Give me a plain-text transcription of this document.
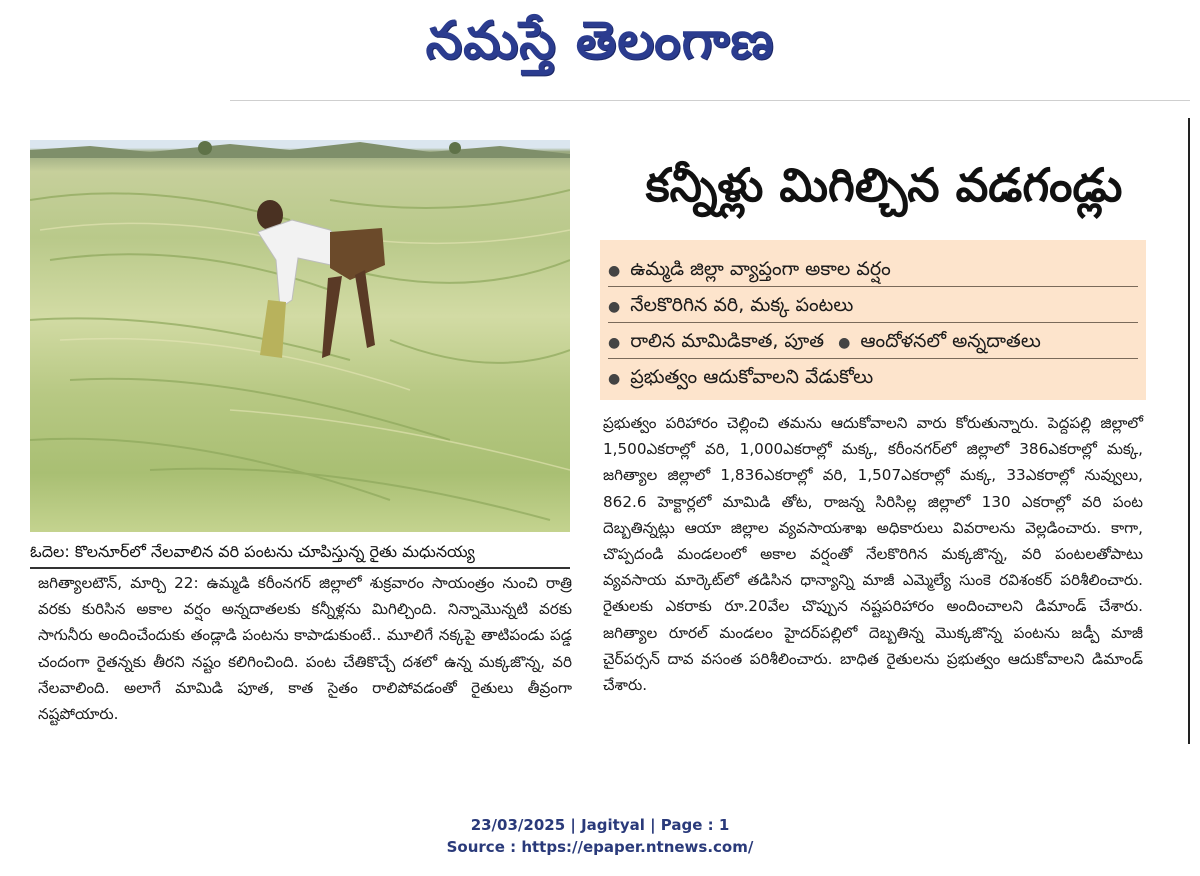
నమస్తే తెలంగాణ
ఓదెల: కొలనూర్‌లో నేలవాలిన వరి పంటను చూపిస్తున్న రైతు మధునయ్య
కన్నీళ్లు మిగిల్చిన వడగండ్లు
● ఉమ్మడి జిల్లా వ్యాప్తంగా అకాల వర్షం
● నేలకొరిగిన వరి, మక్క పంటలు
● రాలిన మామిడికాత, పూత ● ఆందోళనలో అన్నదాతలు
● ప్రభుత్వం ఆదుకోవాలని వేడుకోలు

జగిత్యాలటౌన్‌, మార్చి 22: ఉమ్మడి కరీంనగర్‌ జిల్లాలో శుక్రవారం సాయంత్రం నుంచి రాత్రి వరకు కురిసిన అకాల వర్షం అన్నదాతలకు కన్నీళ్లను మిగిల్చింది. నిన్నామొన్నటి వరకు సాగునీరు అందించేందుకు తండ్లాడి పంటను కాపాడుకుంటే.. మూలిగే నక్కపై తాటిపండు పడ్డ చందంగా రైతన్నకు తీరని నష్టం కలిగించింది. పంట చేతికొచ్చే దశలో ఉన్న మక్కజొన్న, వరి నేలవాలింది. అలాగే మామిడి పూత, కాత సైతం రాలిపోవడంతో రైతులు తీవ్రంగా నష్టపోయారు.

ప్రభుత్వం పరిహారం చెల్లించి తమను ఆదుకోవాలని వారు కోరుతున్నారు. పెద్దపల్లి జిల్లాలో 1,500ఎకరాల్లో వరి, 1,000ఎకరాల్లో మక్క, కరీంనగర్‌లో జిల్లాలో 386ఎకరాల్లో మక్క, జగిత్యాల జిల్లాలో 1,836ఎకరాల్లో వరి, 1,507ఎకరాల్లో మక్క, 33ఎకరాల్లో నువ్వులు, 862.6 హెక్టార్లలో మామిడి తోట, రాజన్న సిరిసిల్ల జిల్లాలో 130 ఎకరాల్లో వరి పంట దెబ్బతిన్నట్లు ఆయా జిల్లాల వ్యవసాయశాఖ అధికారులు వివరాలను వెల్లడించారు. కాగా, చొప్పదండి మండలంలో అకాల వర్షంతో నేలకొరిగిన మక్కజొన్న, వరి పంటలతోపాటు వ్యవసాయ మార్కెట్‌లో తడిసిన ధాన్యాన్ని మాజీ ఎమ్మెల్యే సుంకె రవిశంకర్‌ పరిశీలించారు. రైతులకు ఎకరాకు రూ.20వేల చొప్పున నష్టపరిహారం అందించాలని డిమాండ్‌ చేశారు. జగిత్యాల రూరల్‌ మండలం హైదర్‌పల్లిలో దెబ్బతిన్న మొక్కజొన్న పంటను జడ్పీ మాజీ చైర్‌పర్సన్‌ దావ వసంత పరిశీలించారు. బాధిత రైతులను ప్రభుత్వం ఆదుకోవాలని డిమాండ్‌ చేశారు.

23/03/2025 | Jagityal | Page : 1
Source : https://epaper.ntnews.com/
